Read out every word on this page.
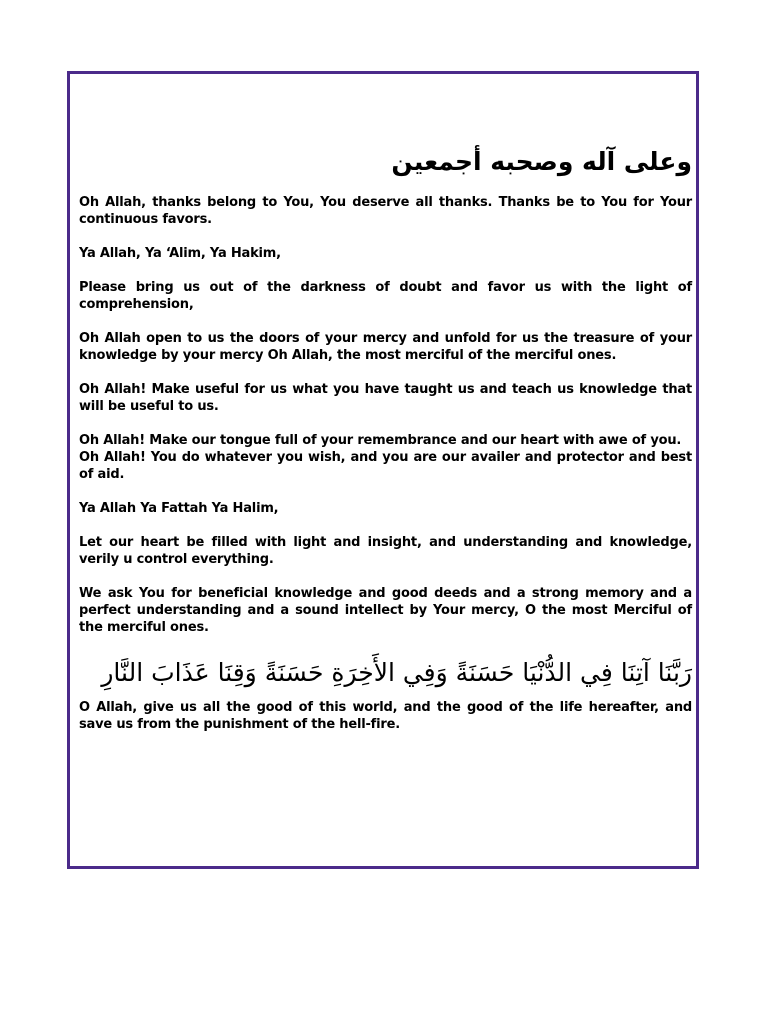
وعلى آله وصحبه أجمعين

Oh Allah, thanks belong to You, You deserve all thanks. Thanks be to You for Your continuous favors.

Ya Allah, Ya ‘Alim, Ya Hakim,

Please bring us out of the darkness of doubt and favor us with the light of comprehension,

Oh Allah open to us the doors of your mercy and unfold for us the treasure of your knowledge by your mercy Oh Allah, the most merciful of the merciful ones.

Oh Allah! Make useful for us what you have taught us and teach us knowledge that will be useful to us.

Oh Allah! Make our tongue full of your remembrance and our heart with awe of you.

Oh Allah! You do whatever you wish, and you are our availer and protector and best of aid.

Ya Allah Ya Fattah Ya Halim,

Let our heart be filled with light and insight, and understanding and knowledge, verily u control everything.

We ask You for beneficial knowledge and good deeds and a strong memory and a perfect understanding and a sound intellect by Your mercy, O the most Merciful of the merciful ones.

رَبَّنَا آتِنَا فِي الدُّنْيَا حَسَنَةً وَفِي الأَخِرَةِ حَسَنَةً وَقِنَا عَذَابَ النَّارِ

O Allah, give us all the good of this world, and the good of the life hereafter, and save us from the punishment of the hell-fire.
